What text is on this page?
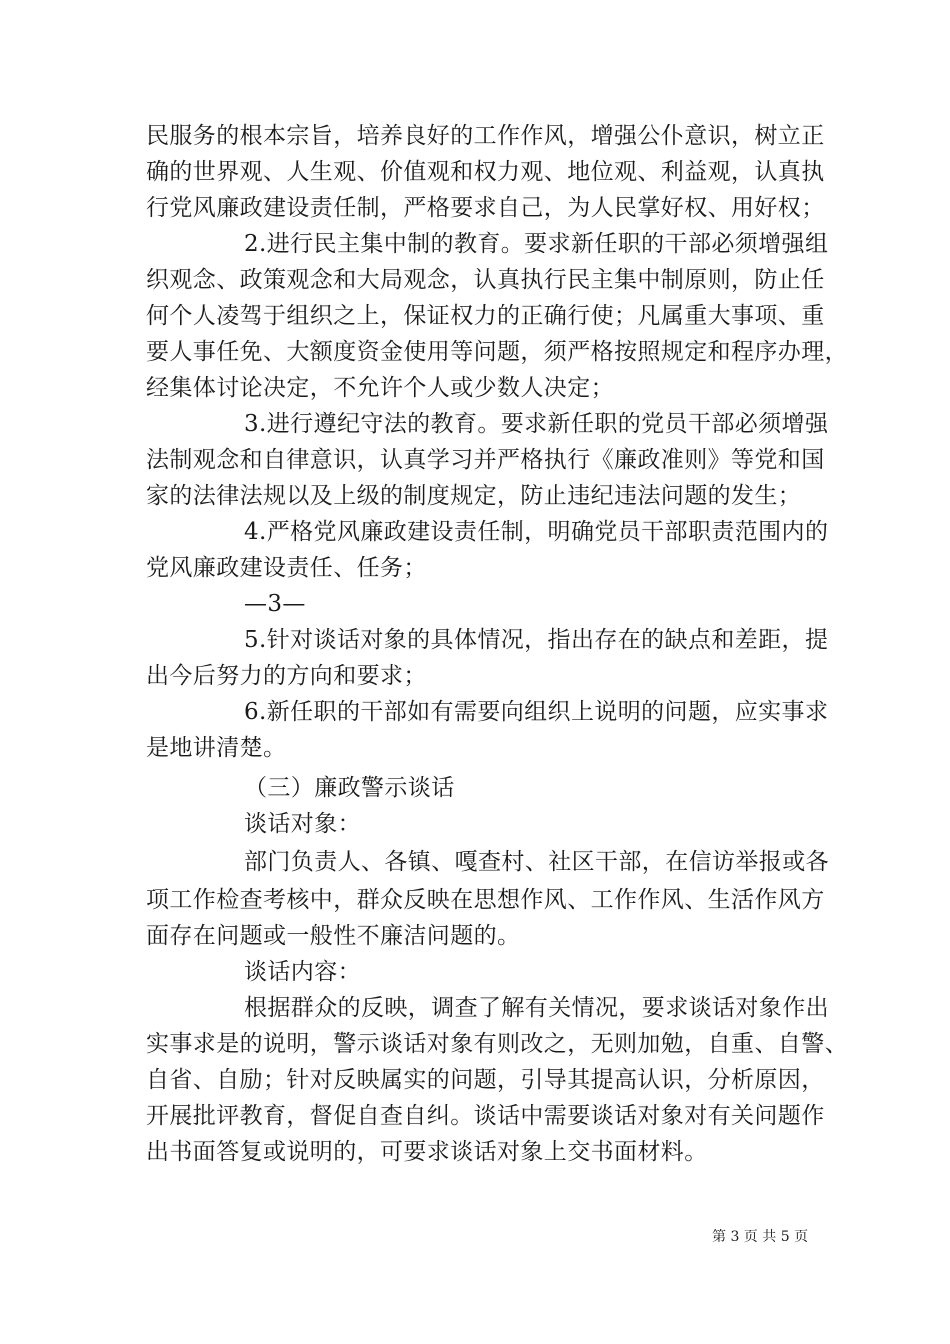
民服务的根本宗旨，培养良好的工作作风，增强公仆意识，树立正
确的世界观、人生观、价值观和权力观、地位观、利益观，认真执
行党风廉政建设责任制，严格要求自己，为人民掌好权、用好权；
2.进行民主集中制的教育。要求新任职的干部必须增强组
织观念、政策观念和大局观念，认真执行民主集中制原则，防止任
何个人凌驾于组织之上，保证权力的正确行使；凡属重大事项、重
要人事任免、大额度资金使用等问题，须严格按照规定和程序办理，
经集体讨论决定，不允许个人或少数人决定；
3.进行遵纪守法的教育。要求新任职的党员干部必须增强
法制观念和自律意识，认真学习并严格执行《廉政准则》等党和国
家的法律法规以及上级的制度规定，防止违纪违法问题的发生；
4.严格党风廉政建设责任制，明确党员干部职责范围内的
党风廉政建设责任、任务；
—3—
5.针对谈话对象的具体情况，指出存在的缺点和差距，提
出今后努力的方向和要求；
6.新任职的干部如有需要向组织上说明的问题，应实事求
是地讲清楚。
（三）廉政警示谈话
谈话对象：
部门负责人、各镇、嘎查村、社区干部，在信访举报或各
项工作检查考核中，群众反映在思想作风、工作作风、生活作风方
面存在问题或一般性不廉洁问题的。
谈话内容：
根据群众的反映，调查了解有关情况，要求谈话对象作出
实事求是的说明，警示谈话对象有则改之，无则加勉，自重、自警、
自省、自励；针对反映属实的问题，引导其提高认识，分析原因，
开展批评教育，督促自查自纠。谈话中需要谈话对象对有关问题作
出书面答复或说明的，可要求谈话对象上交书面材料。
第 3 页 共 5 页
